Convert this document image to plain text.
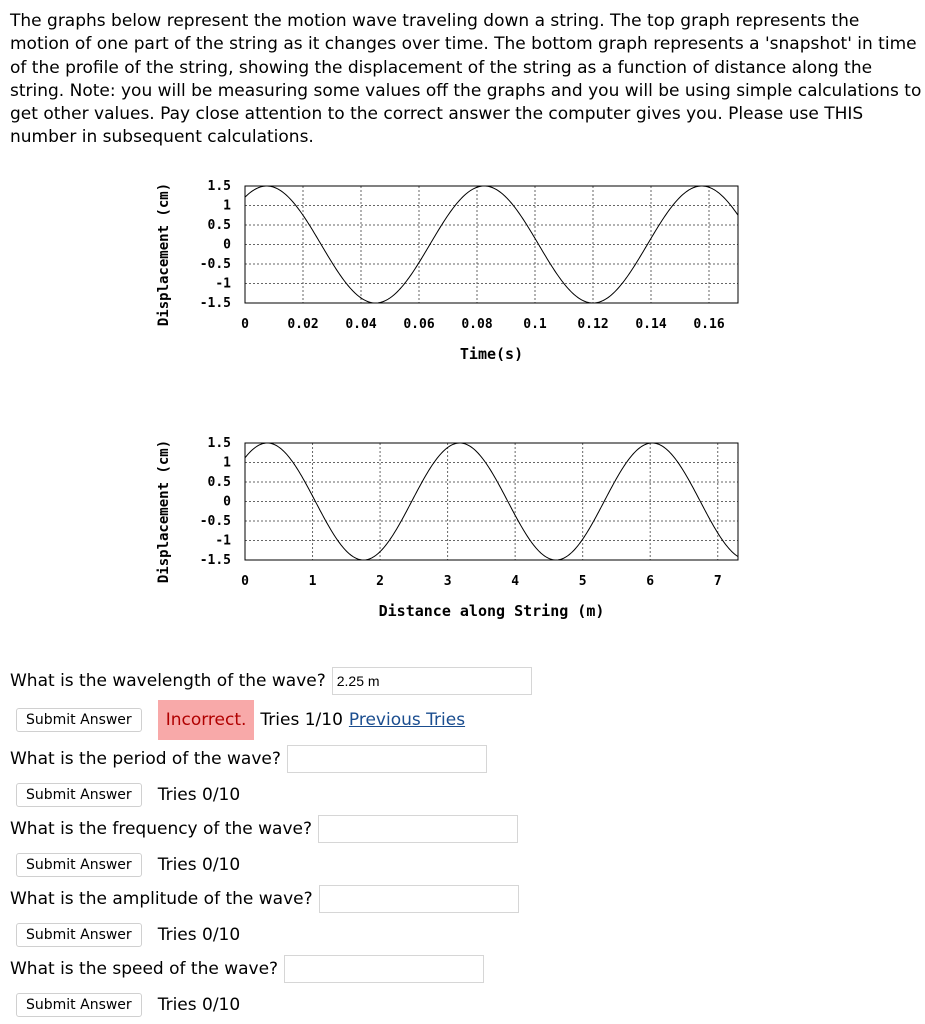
The graphs below represent the motion wave traveling down a string. The top graph represents the motion of one part of the string as it changes over time. The bottom graph represents a 'snapshot' in time of the profile of the string, showing the displacement of the string as a function of distance along the string. Note: you will be measuring some values off the graphs and you will be using simple calculations to get other values. Pay close attention to the correct answer the computer gives you. Please use THIS number in subsequent calculations.

0	0.02 0.04 0.06 0.08 0.1 0.12 0.14 0.16
1.5
1
0.5
0
-0.5
-1
-1.5
Time(s)
Displacement (cm)
0	1	2	3	4	5	6	7
1.5
1
0.5
0
-0.5
-1
-1.5
Distance along String (m)
Displacement (cm)
What is the wavelength of the wave?
2.25 m
Submit Answer	Incorrect. Tries 1/10 Previous Tries
What is the period of the wave?
Submit Answer	Tries 0/10
What is the frequency of the wave?
Submit Answer	Tries 0/10
What is the amplitude of the wave?
Submit Answer	Tries 0/10
What is the speed of the wave?
Submit Answer	Tries 0/10
